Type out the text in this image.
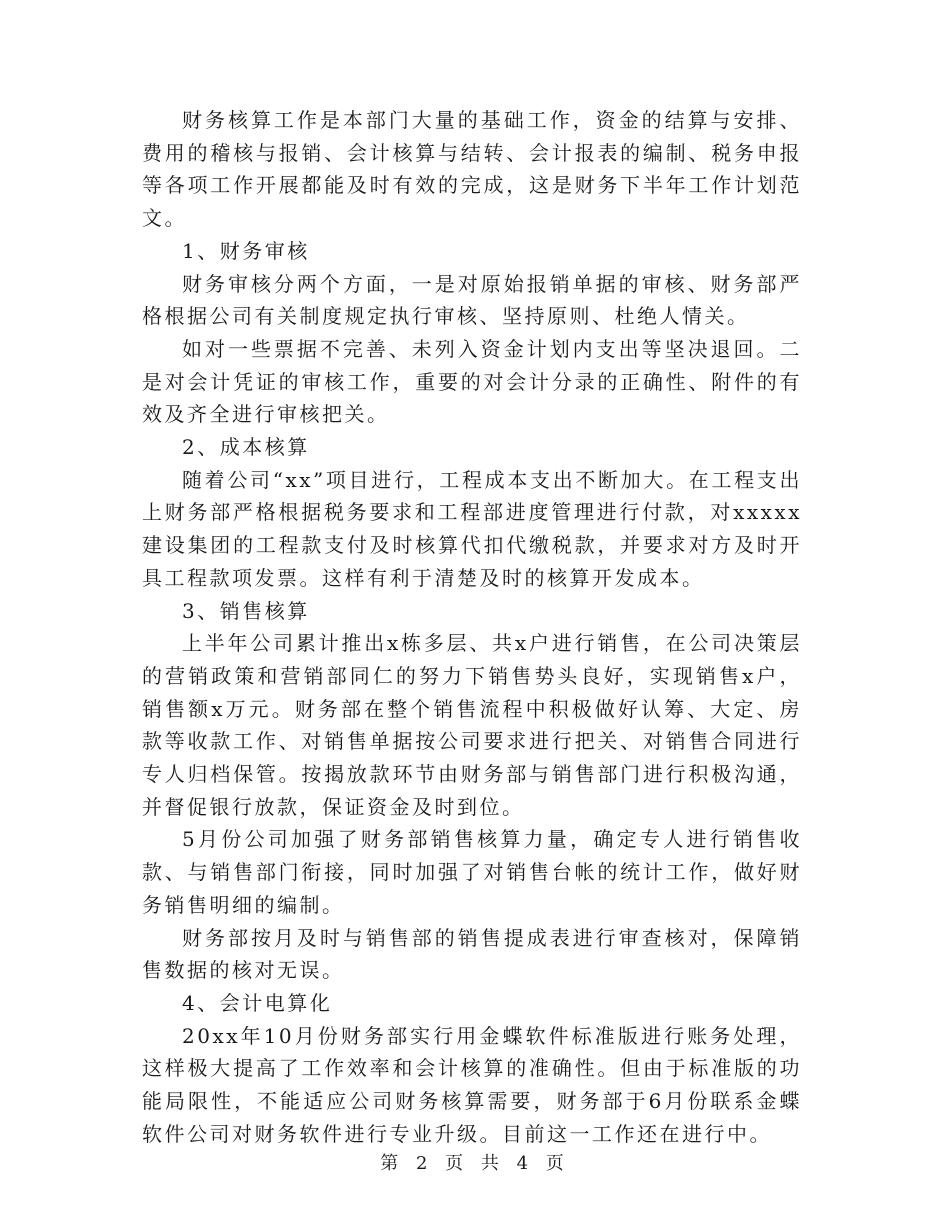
财务核算工作是本部门大量的基础工作，资金的结算与安排、费用的稽核与报销、会计核算与结转、会计报表的编制、税务申报等各项工作开展都能及时有效的完成，这是财务下半年工作计划范文。

1、财务审核

财务审核分两个方面，一是对原始报销单据的审核、财务部严格根据公司有关制度规定执行审核、坚持原则、杜绝人情关。

如对一些票据不完善、未列入资金计划内支出等坚决退回。二是对会计凭证的审核工作，重要的对会计分录的正确性、附件的有效及齐全进行审核把关。

2、成本核算

随着公司“xx”项目进行，工程成本支出不断加大。在工程支出上财务部严格根据税务要求和工程部进度管理进行付款，对xxxxx建设集团的工程款支付及时核算代扣代缴税款，并要求对方及时开具工程款项发票。这样有利于清楚及时的核算开发成本。

3、销售核算

上半年公司累计推出x栋多层、共x户进行销售，在公司决策层的营销政策和营销部同仁的努力下销售势头良好，实现销售x户，销售额x万元。财务部在整个销售流程中积极做好认筹、大定、房款等收款工作、对销售单据按公司要求进行把关、对销售合同进行专人归档保管。按揭放款环节由财务部与销售部门进行积极沟通，并督促银行放款，保证资金及时到位。

5月份公司加强了财务部销售核算力量，确定专人进行销售收款、与销售部门衔接，同时加强了对销售台帐的统计工作，做好财务销售明细的编制。

财务部按月及时与销售部的销售提成表进行审查核对，保障销售数据的核对无误。

4、会计电算化

20xx年10月份财务部实行用金蝶软件标准版进行账务处理，这样极大提高了工作效率和会计核算的准确性。但由于标准版的功能局限性，不能适应公司财务核算需要，财务部于6月份联系金蝶软件公司对财务软件进行专业升级。目前这一工作还在进行中。

第 2 页 共 4 页
